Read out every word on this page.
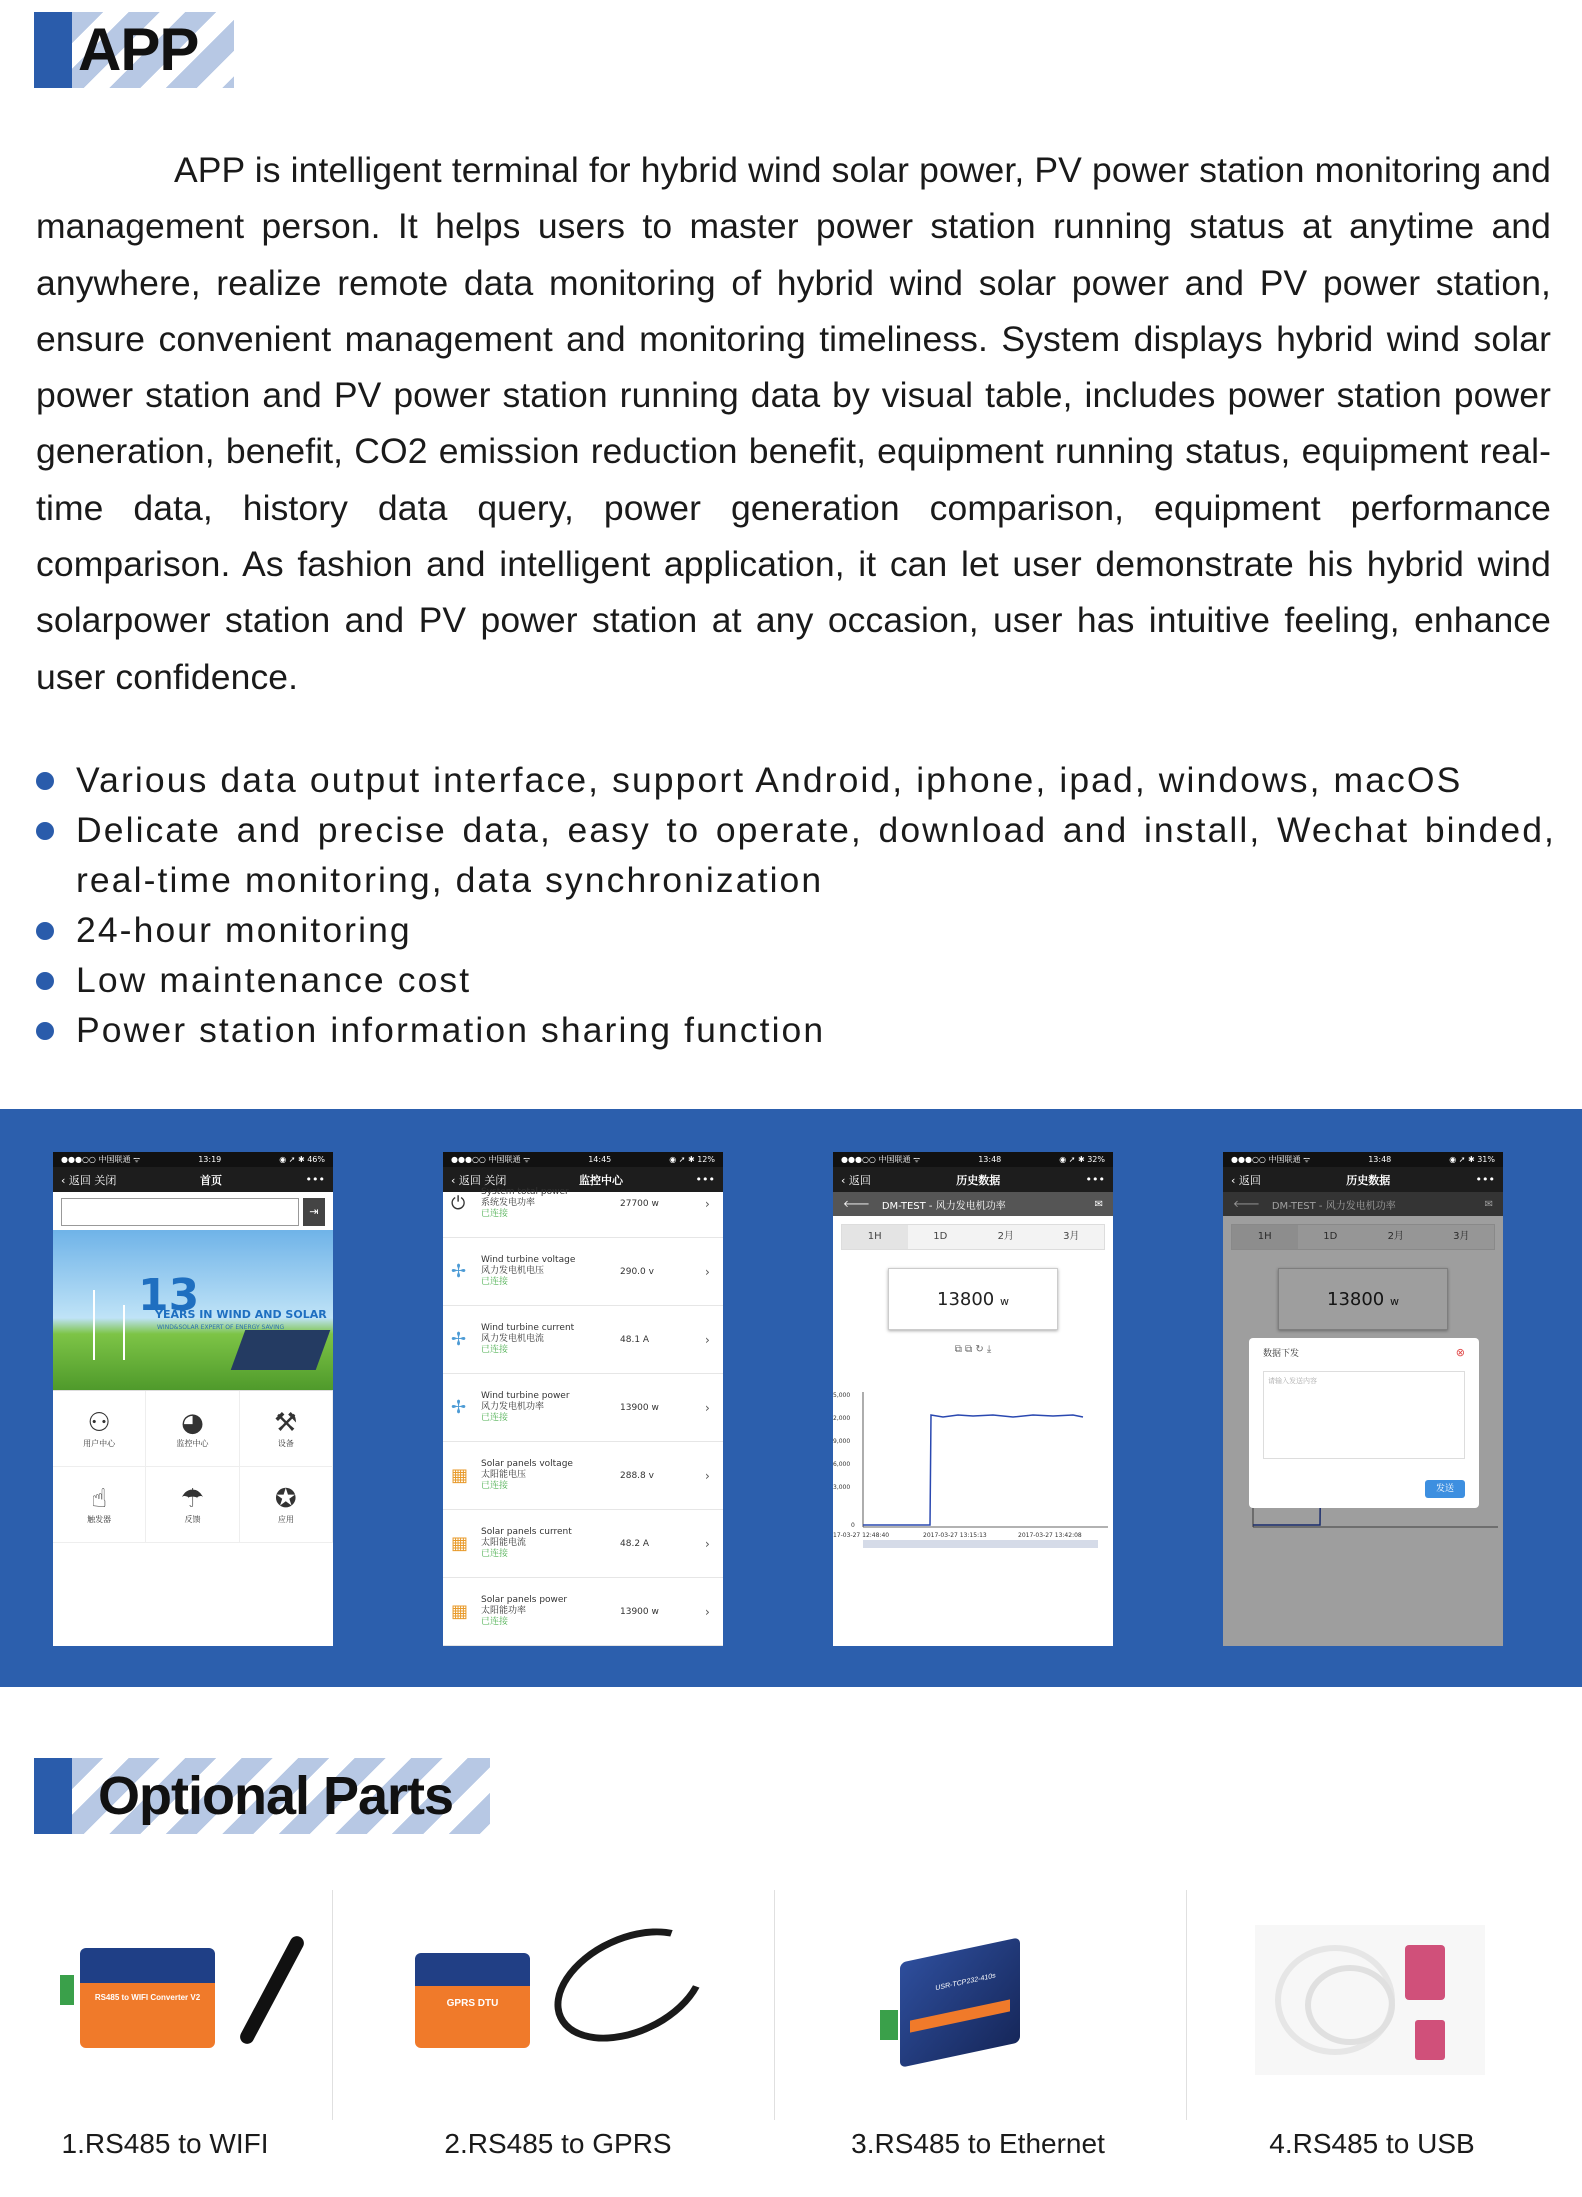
APP

APP is intelligent terminal for hybrid wind solar power, PV power station monitoring and management person. It helps users to master power station running status at anytime and anywhere, realize remote data monitoring of hybrid wind solar power and PV power station, ensure convenient management and monitoring timeliness. System displays hybrid wind solar power station and PV power station running data by visual table, includes power station power generation, benefit, CO2 emission reduction benefit, equipment running status, equipment real-time data, history data query, power generation comparison, equipment performance comparison. As fashion and intelligent application, it can let user demonstrate his hybrid wind solarpower station and PV power station at any occasion, user has intuitive feeling, enhance user confidence.

Various data output interface, support Android, iphone, ipad, windows, macOS
Delicate and precise data, easy to operate, download and install, Wechat binded, real-time monitoring, data synchronization
24-hour monitoring
Low maintenance cost
Power station information sharing function
●●●○○ 中国联通 ᯤ	13:19	◉ ➚ ✱ 46%
‹ 返回 关闭	首页	•••
⇥
13
YEARS IN WIND AND SOLAR
WIND&SOLAR EXPERT OF ENERGY SAVING
⚇
用户中心
◕
监控中心
⚒
设备
☝
触发器
☂
反馈
✪
应用
●●●○○ 中国联通 ᯤ	14:45	◉ ➚ ✱ 12%
‹ 返回 关闭	监控中心	•••
⏻
System total power
系统发电功率
已连接
27700 w	›
✢
Wind turbine voltage
风力发电机电压
已连接
290.0 v	›
✢
Wind turbine current
风力发电机电流
已连接
48.1 A	›
✢
Wind turbine power
风力发电机功率
已连接
13900 w	›
▦
Solar panels voltage
太阳能电压
已连接
288.8 v	›
▦
Solar panels current
太阳能电流
已连接
48.2 A	›
▦
Solar panels power
太阳能功率
已连接
13900 w	›
●●●○○ 中国联通 ᯤ	13:48	◉ ➚ ✱ 32%
‹ 返回	历史数据	•••
🡐 DM-TEST - 风力发电机功率	✉
1H	1D	2月	3月
13800 w
⧉ ⧉ ↻ ⤓
5,000
2,000
9,000
6,000
3,000
0
17-03-27 12:48:40	2017-03-27 13:15:13	2017-03-27 13:42:08
●●●○○ 中国联通 ᯤ	13:48	◉ ➚ ✱ 31%
‹ 返回	历史数据	•••
🡐 DM-TEST - 风力发电机功率	✉
1H	1D	2月	3月
13800 w
数据下发	⊗
请输入发送内容
发送
Optional Parts
RS485 to WIFI Converter V2
GPRS DTU
USR-TCP232-410s
1.RS485 to WIFI	2.RS485 to GPRS	3.RS485 to Ethernet	4.RS485 to USB
